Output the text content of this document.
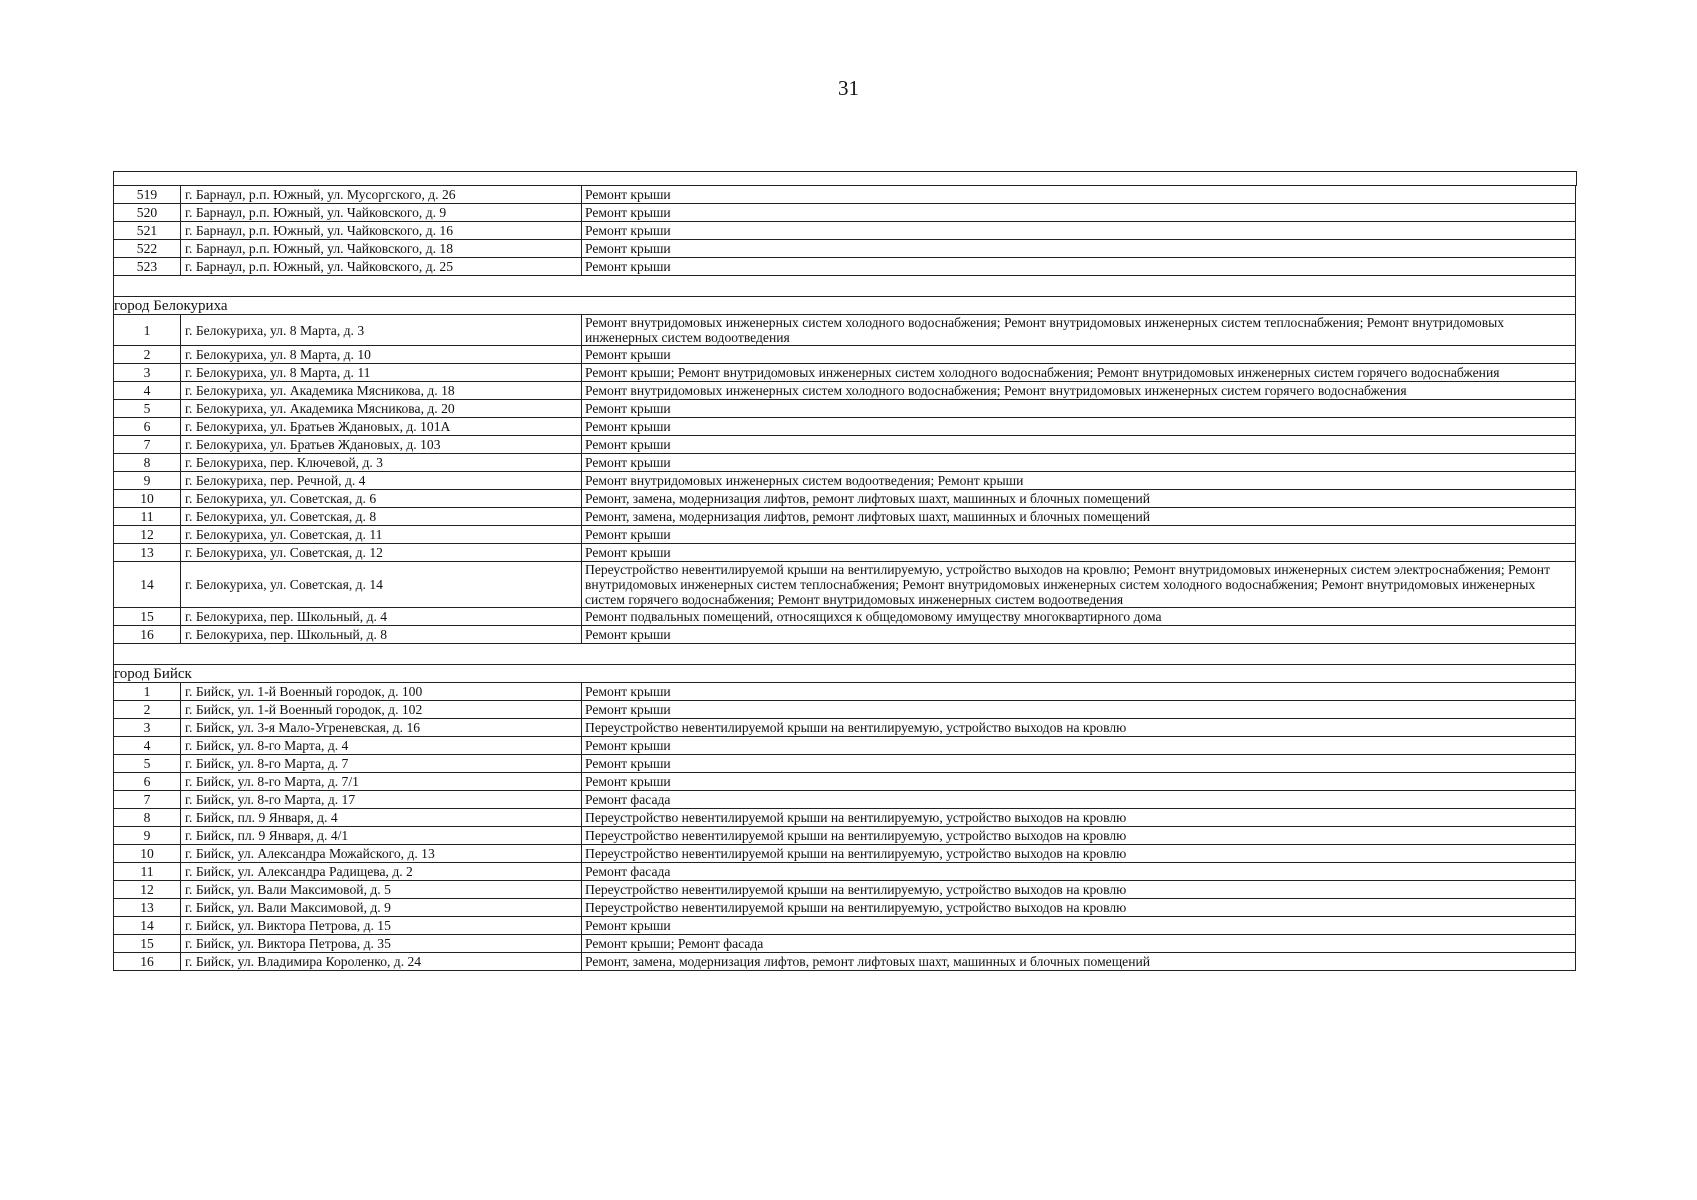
31
519	г. Барнаул, р.п. Южный, ул. Мусоргского, д. 26	Ремонт крыши
520	г. Барнаул, р.п. Южный, ул. Чайковского, д. 9	Ремонт крыши
521	г. Барнаул, р.п. Южный, ул. Чайковского, д. 16	Ремонт крыши
522	г. Барнаул, р.п. Южный, ул. Чайковского, д. 18	Ремонт крыши
523	г. Барнаул, р.п. Южный, ул. Чайковского, д. 25	Ремонт крыши

город Белокуриха		
1	г. Белокуриха, ул. 8 Марта, д. 3	Ремонт внутридомовых инженерных систем холодного водоснабжения; Ремонт внутридомовых инженерных систем теплоснабжения; Ремонт внутридомовых инженерных систем водоотведения
2	г. Белокуриха, ул. 8 Марта, д. 10	Ремонт крыши
3	г. Белокуриха, ул. 8 Марта, д. 11	Ремонт крыши; Ремонт внутридомовых инженерных систем холодного водоснабжения; Ремонт внутридомовых инженерных систем горячего водоснабжения
4	г. Белокуриха, ул. Академика Мясникова, д. 18	Ремонт внутридомовых инженерных систем холодного водоснабжения; Ремонт внутридомовых инженерных систем горячего водоснабжения
5	г. Белокуриха, ул. Академика Мясникова, д. 20	Ремонт крыши
6	г. Белокуриха, ул. Братьев Ждановых, д. 101А	Ремонт крыши
7	г. Белокуриха, ул. Братьев Ждановых, д. 103	Ремонт крыши
8	г. Белокуриха, пер. Ключевой, д. 3	Ремонт крыши
9	г. Белокуриха, пер. Речной, д. 4	Ремонт внутридомовых инженерных систем водоотведения; Ремонт крыши
10	г. Белокуриха, ул. Советская, д. 6	Ремонт, замена, модернизация лифтов, ремонт лифтовых шахт, машинных и блочных помещений
11	г. Белокуриха, ул. Советская, д. 8	Ремонт, замена, модернизация лифтов, ремонт лифтовых шахт, машинных и блочных помещений
12	г. Белокуриха, ул. Советская, д. 11	Ремонт крыши
13	г. Белокуриха, ул. Советская, д. 12	Ремонт крыши
14	г. Белокуриха, ул. Советская, д. 14	Переустройство невентилируемой крыши на вентилируемую, устройство выходов на кровлю; Ремонт внутридомовых инженерных систем электроснабжения; Ремонт внутридомовых инженерных систем теплоснабжения; Ремонт внутридомовых инженерных систем холодного водоснабжения; Ремонт внутридомовых инженерных систем горячего водоснабжения; Ремонт внутридомовых инженерных систем водоотведения
15	г. Белокуриха, пер. Школьный, д. 4	Ремонт подвальных помещений, относящихся к общедомовому имуществу многоквартирного дома
16	г. Белокуриха, пер. Школьный, д. 8	Ремонт крыши

город Бийск		
1	г. Бийск, ул. 1-й Военный городок, д. 100	Ремонт крыши
2	г. Бийск, ул. 1-й Военный городок, д. 102	Ремонт крыши
3	г. Бийск, ул. 3-я Мало-Угреневская, д. 16	Переустройство невентилируемой крыши на вентилируемую, устройство выходов на кровлю
4	г. Бийск, ул. 8-го Марта, д. 4	Ремонт крыши
5	г. Бийск, ул. 8-го Марта, д. 7	Ремонт крыши
6	г. Бийск, ул. 8-го Марта, д. 7/1	Ремонт крыши
7	г. Бийск, ул. 8-го Марта, д. 17	Ремонт фасада
8	г. Бийск, пл. 9 Января, д. 4	Переустройство невентилируемой крыши на вентилируемую, устройство выходов на кровлю
9	г. Бийск, пл. 9 Января, д. 4/1	Переустройство невентилируемой крыши на вентилируемую, устройство выходов на кровлю
10	г. Бийск, ул. Александра Можайского, д. 13	Переустройство невентилируемой крыши на вентилируемую, устройство выходов на кровлю
11	г. Бийск, ул. Александра Радищева, д. 2	Ремонт фасада
12	г. Бийск, ул. Вали Максимовой, д. 5	Переустройство невентилируемой крыши на вентилируемую, устройство выходов на кровлю
13	г. Бийск, ул. Вали Максимовой, д. 9	Переустройство невентилируемой крыши на вентилируемую, устройство выходов на кровлю
14	г. Бийск, ул. Виктора Петрова, д. 15	Ремонт крыши
15	г. Бийск, ул. Виктора Петрова, д. 35	Ремонт крыши; Ремонт фасада
16	г. Бийск, ул. Владимира Короленко, д. 24	Ремонт, замена, модернизация лифтов, ремонт лифтовых шахт, машинных и блочных помещений
